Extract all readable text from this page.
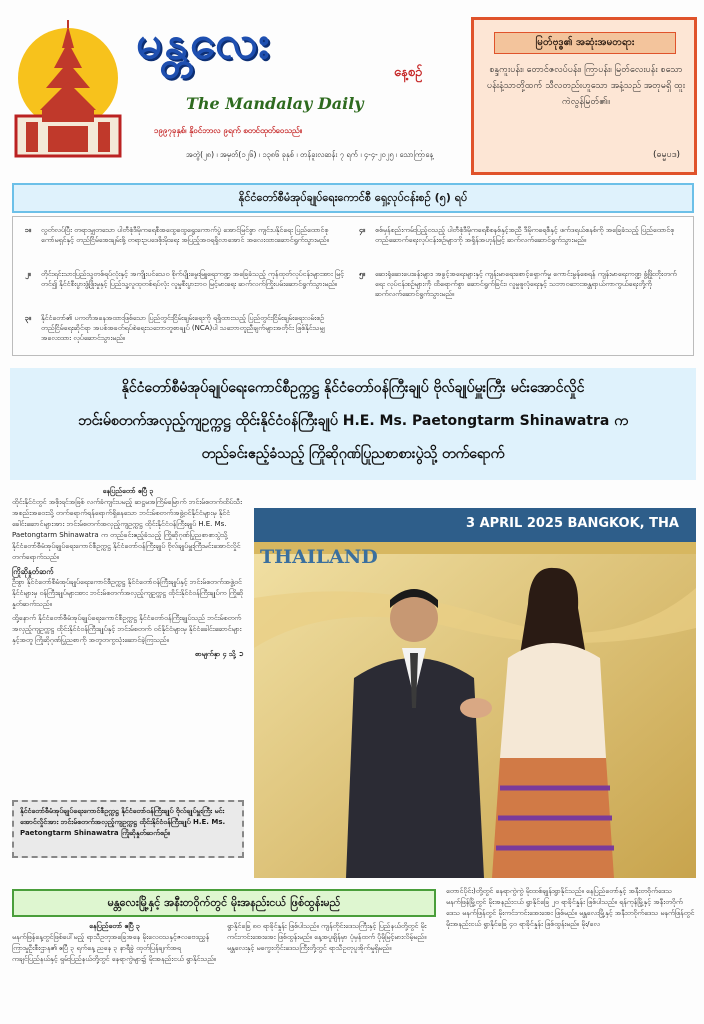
မန္တလေး
နေ့စဉ်
The Mandalay Daily
၁၉၉၇ခုနှစ်၊ နိုဝင်ဘာလ ၉ရက် စတင်ထုတ်ဝေသည်။
အတွဲ(၂၈) ၊ အမှတ်(၁၂၆) ၊ ၁၃၈၆ ခုနှစ် ၊ တန်ခူးလဆန်း ၇ ရက် ၊ ၄-၄-၂၀၂၅ ၊ သောကြာနေ့
မြတ်ဗုဒ္ဓ၏ အဆုံးအမတရား
စန္ဒကူးပန်း၊ တောင်ဇလပ်ပန်း၊ ကြာပန်း၊ မြတ်လေးပန်း စသော ပန်းနံ့သာတို့ထက် သီလတည်းဟူသော အနံ့သည် အတုမရှိ ထူးကဲလွန်မြတ်၏။
(ဓမ္မပဒ)
နိုင်ငံတော်စီမံအုပ်ချုပ်ရေးကောင်စီ ရှေ့လုပ်ငန်းစဉ် (၅) ရပ်
၁။ လွတ်လပ်ပြီး တရားမျှတသော ပါတီစုံဒီမိုကရေစီအထွေထွေရွေးကောက်ပွဲ အောင်မြင်စွာ ကျင်းပနိုင်ရေး ပြည်ထောင်စုကော်မရှင်နှင့် တည်ငြိမ်အေးချမ်းဖို့ တရားဥပဒေစိုးမိုးရေး အပြည့်အဝရရှိလာအောင် အလေးထားဆောင်ရွက်သွားမည်။
၂။ တိုင်းရင်းသားပြည်သူတစ်ရပ်လုံးနှင့် အကျိုးပင်သေဝ စိုက်ပျိုးမွေးမြူရေးကဏ္ဍ အခြေခံသည့် ကုန်ထုတ်လုပ်ငန်းများအား မြင့်တင်၍ နိုင်ငံစီးပွားဖွံ့ဖြိုးမှုနှင့် ပြည်သူ့လူထုတစ်ရပ်လုံး လူမှုစီးပွားဘဝ မြင့်မားရေး ဆက်လက်ကြိုးပမ်းဆောင်ရွက်သွားမည်။
၃။ နိုင်ငံတော်၏ ပကတိအနေအထားဖြစ်သော ပြည်တွင်းငြိမ်းချမ်းရေးကို ရရှိထားသည့် ပြည်တွင်းငြိမ်းချမ်းရေးလမ်းစဉ် တည်ငြိမ်ရေးဆိုင်ရာ အပစ်အခတ်ရပ်စဲရေးသဘောတူစာချုပ် (NCA)ပါ သဘောတူညီချက်များအတိုင်း ဖြစ်နိုင်သမျှ အလေးထား လုပ်ဆောင်သွားမည်။
၄။ စစ်မှန်စည်းကမ်းပြည့်ဝသည့် ပါတီစုံဒီမိုကရေစီစနစ်နှင့်အညီ ဒီမိုကရေစီနှင့် ဖက်ဒရယ်စနစ်ကို အခြေခံသည့် ပြည်ထောင်စုတည်ဆောက်ရေးလုပ်ငန်းစဉ်များကို အရှိန်အဟုန်မြင့် ဆက်လက်ဆောင်ရွက်သွားမည်။
၅။ ဆေးရုံဆေးပေးခန်းများ၊ အခွင့်အရေးများနှင့် ကျန်းမာရေးစောင့်ရှောက်မှု ကောင်းမွန်စေရန် ကျန်းမာရေးကဏ္ဍ ဖွံ့ဖြိုးတိုးတက်ရေး လုပ်ငန်းစဉ်များကို ထိရောက်စွာ ဆောင်ရွက်ခြင်း၊ လူမှုဖူလုံရေးနှင့် သဘာဝဘေးအန္တရာယ်ကာကွယ်ရေးတို့ကို ဆက်လက်ဆောင်ရွက်သွားမည်။
နိုင်ငံတော်စီမံအုပ်ချုပ်ရေးကောင်စီဥက္ကဋ္ဌ နိုင်ငံတော်ဝန်ကြီးချုပ် ဗိုလ်ချုပ်မှူးကြီး မင်းအောင်လှိုင်
ဘင်းမ်စတက်အလှည့်ကျဥက္ကဋ္ဌ ထိုင်းနိုင်ငံဝန်ကြီးချုပ် H.E. Ms. Paetongtarm Shinawatra က
တည်ခင်းဧည့်ခံသည့် ကြိုဆိုဂုဏ်ပြုညစာစားပွဲသို့ တက်ရောက်
နေပြည်တော် ဧပြီ ၃
ထိုင်းနိုင်ငံတွင် အစိုးရင်အဖြစ် လက်ခံကျင်းပမည့် ဆဋ္ဌမအကြိမ်မြောက် ဘင်းမ်စတက်ထိပ်သီးအစည်းအဝေးသို့ တက်ရောက်ရန်ရောက်ရှိနေသော ဘင်းမ်စတက်အဖွဲ့ဝင်နိုင်ငံများမှ နိုင်ငံခေါင်းဆောင်များအား ဘင်းမ်စတက်အလှည့်ကျဥက္ကဋ္ဌ ထိုင်းနိုင်ငံဝန်ကြီးချုပ် H.E. Ms. Paetongtarm Shinawatra က တည်ခင်းဧည့်ခံသည့် ကြိုဆိုဂုဏ်ပြုညစာစားပွဲသို့ နိုင်ငံတော်စီမံအုပ်ချုပ်ရေးကောင်စီဥက္ကဋ္ဌ နိုင်ငံတော်ဝန်ကြီးချုပ် ဗိုလ်ချုပ်မှူးကြီးမင်းအောင်လှိုင် တက်ရောက်သည်။
ကြိုဆိုနှုတ်ဆက်
ဦးစွာ နိုင်ငံတော်စီမံအုပ်ချုပ်ရေးကောင်စီဥက္ကဋ္ဌ နိုင်ငံတော်ဝန်ကြီးချုပ်နှင့် ဘင်းမ်စတက်အဖွဲ့ဝင်နိုင်ငံများမှ ဝန်ကြီးချုပ်များအား ဘင်းမ်စတက်အလှည့်ကျဥက္ကဋ္ဌ ထိုင်းနိုင်ငံဝန်ကြီးချုပ်က ကြိုဆိုနှုတ်ဆက်သည်။
ထို့နောက် နိုင်ငံတော်စီမံအုပ်ချုပ်ရေးကောင်စီဥက္ကဋ္ဌ နိုင်ငံတော်ဝန်ကြီးချုပ်သည် ဘင်းမ်စတက်အလှည့်ကျဥက္ကဋ္ဌ ထိုင်းနိုင်ငံဝန်ကြီးချုပ်နှင့် ဘင်းမ်စတက် ဝင်နိုင်ငံများမှ နိုင်ငံခေါင်းဆောင်များနှင့်အတူ ကြိုဆိုဂုဏ်ပြုညစာကို အတူတကွသုံးဆောင်ခဲ့ကြသည်။
စာမျက်နှာ ၄ သို့ ➲
နိုင်ငံတော်စီမံအုပ်ချုပ်ရေးကောင်စီဥက္ကဋ္ဌ နိုင်ငံတော်ဝန်ကြီးချုပ် ဗိုလ်ချုပ်မှူးကြီး မင်းအောင်လှိုင်အား ဘင်းမ်စတက်အလှည့်ကျဥက္ကဋ္ဌ ထိုင်းနိုင်ငံဝန်ကြီးချုပ် H.E. Ms. Paetongtarm Shinawatra ကြိုဆိုနှုတ်ဆက်စဉ်။
3 APRIL 2025 BANGKOK, THA
THAILAND
မန္တလေးမြို့နှင့် အနီးတဝိုက်တွင် မိုးအနည်းငယ် ဖြစ်ထွန်းမည်
နေပြည်တော် ဧပြီ ၃
မနက်ဖြန်နေ့တွင်ဖြစ်ပေါ်မည့် ရာသီဥတုအခြေအနေ မိုးလေဝသနှင့်ဇလဗေဒညွှန်ကြားမှုဦးစီးဌာန၏ ဧပြီ ၃ ရက်နေ့ ညနေ ၃ နာရီခွဲ ထုတ်ပြန်ချက်အရ ကချင်ပြည်နယ်နှင့် ရှမ်းပြည်နယ်တို့တွင် နေရာကွဲများ၌ မိုးအနည်းငယ် ရွာနိုင်သည်။
ရွာနိုင်ခြေ ၈၀ ရာခိုင်နှုန်း ဖြစ်ပါသည်။ ကျန်တိုင်းဒေသကြီးနှင့် ပြည်နယ်တို့တွင် မိုးကင်းကင်းအေးအေး ဖြစ်ထွန်းမည်။ နေ့အပူချိန်မှာ ပုံမှန်ထက် ပိုမိုမြင့်မားလိမ့်မည်။ မန္တလေးနှင့် မကွေးတိုင်းဒေသကြီးတို့တွင် ရာသီဥတုပူအိုက်မှုရှိမည်။
တောင်ပိုင်း)တို့တွင် နေရာကွဲကွဲ မိုးထစ်ချုန်းရွာနိုင်သည်။ နေပြည်တော်နှင့် အနီးတဝိုက်ဒေသ မနက်ဖြန်မြို့တွင် မိုးအနည်းငယ် ရွာနိုင်ခြေ ၂၀ ရာခိုင်နှုန်း ဖြစ်ပါသည်။ ရန်ကုန်မြို့နှင့် အနီးတဝိုက်ဒေသ မနက်ဖြန်တွင် မိုးကင်းကင်းအေးအေး ဖြစ်မည်။ မန္တလေးမြို့နှင့် အနီးတဝိုက်ဒေသ မနက်ဖြန်တွင် မိုးအနည်းငယ် ရွာနိုင်ခြေ ၄၀ ရာခိုင်နှုန်း ဖြစ်ထွန်းမည်။ မိုး/လေ
